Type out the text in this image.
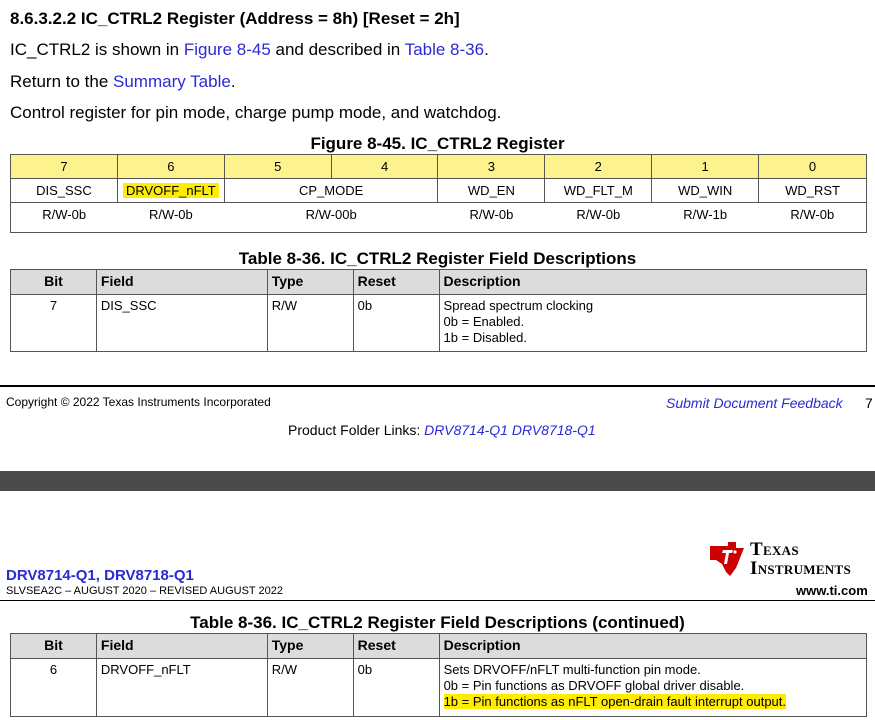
8.6.3.2.2 IC_CTRL2 Register (Address = 8h) [Reset = 2h]
IC_CTRL2 is shown in Figure 8-45 and described in Table 8-36.
Return to the Summary Table.
Control register for pin mode, charge pump mode, and watchdog.
Figure 8-45. IC_CTRL2 Register
7	6	5	4	3	2	1	0
DIS_SSC	DRVOFF_nFLT	CP_MODE		WD_EN	WD_FLT_M	WD_WIN	WD_RST
R/W-0b	R/W-0b	R/W-00b		R/W-0b	R/W-0b	R/W-1b	R/W-0b
Table 8-36. IC_CTRL2 Register Field Descriptions
Bit	Field	Type	Reset	Description
7	DIS_SSC	R/W	0b	Spread spectrum clocking
0b = Enabled.
1b = Disabled.
Copyright © 2022 Texas Instruments Incorporated	Submit Document Feedback 7
Product Folder Links: DRV8714-Q1 DRV8718-Q1
Texas
Instruments
DRV8714-Q1, DRV8718-Q1
SLVSEA2C – AUGUST 2020 – REVISED AUGUST 2022	www.ti.com
Table 8-36. IC_CTRL2 Register Field Descriptions (continued)
Bit	Field	Type	Reset	Description
6	DRVOFF_nFLT	R/W	0b	Sets DRVOFF/nFLT multi-function pin mode.
0b = Pin functions as DRVOFF global driver disable.
1b = Pin functions as nFLT open-drain fault interrupt output.
